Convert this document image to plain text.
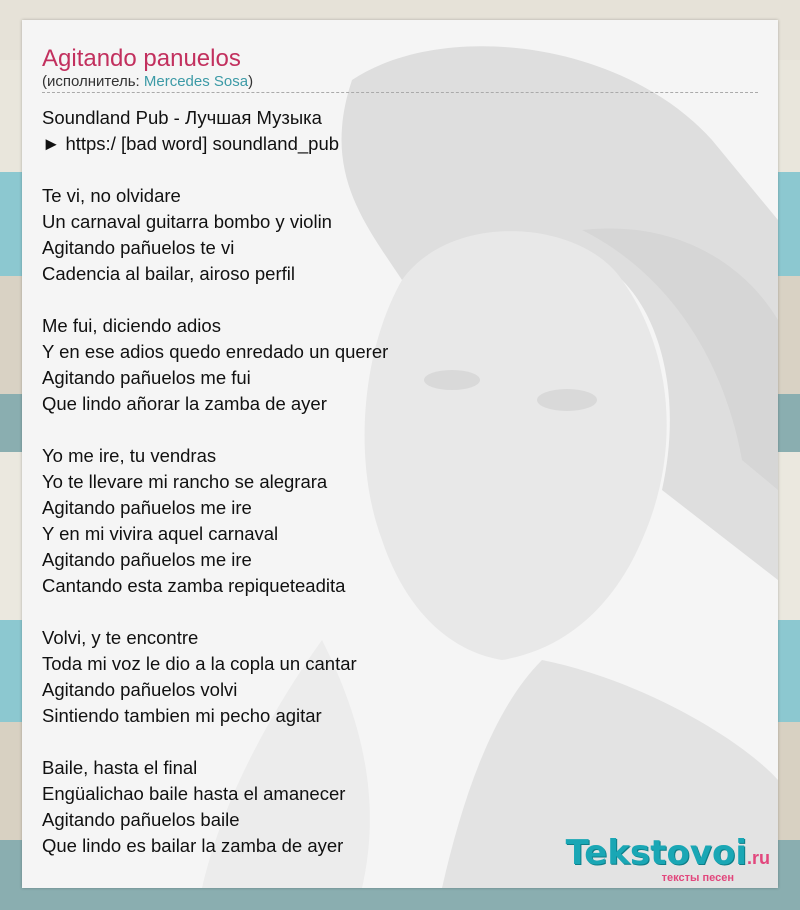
Agitando panuelos
(исполнитель: Mercedes Sosa)
Soundland Pub - Лучшая Музыка
► https:/ [bad word] soundland_pub
Te vi, no olvidare
Un carnaval guitarra bombo y violin
Agitando pañuelos te vi
Cadencia al bailar, airoso perfil
Me fui, diciendo adios
Y en ese adios quedo enredado un querer
Agitando pañuelos me fui
Que lindo añorar la zamba de ayer
Yo me ire, tu vendras
Yo te llevare mi rancho se alegrara
Agitando pañuelos me ire
Y en mi vivira aquel carnaval
Agitando pañuelos me ire
Cantando esta zamba repiqueteadita
Volvi, y te encontre
Toda mi voz le dio a la copla un cantar
Agitando pañuelos volvi
Sintiendo tambien mi pecho agitar
Baile, hasta el final
Engüalichao baile hasta el amanecer
Agitando pañuelos baile
Que lindo es bailar la zamba de ayer	Tekstovoi.ru
тексты песен
